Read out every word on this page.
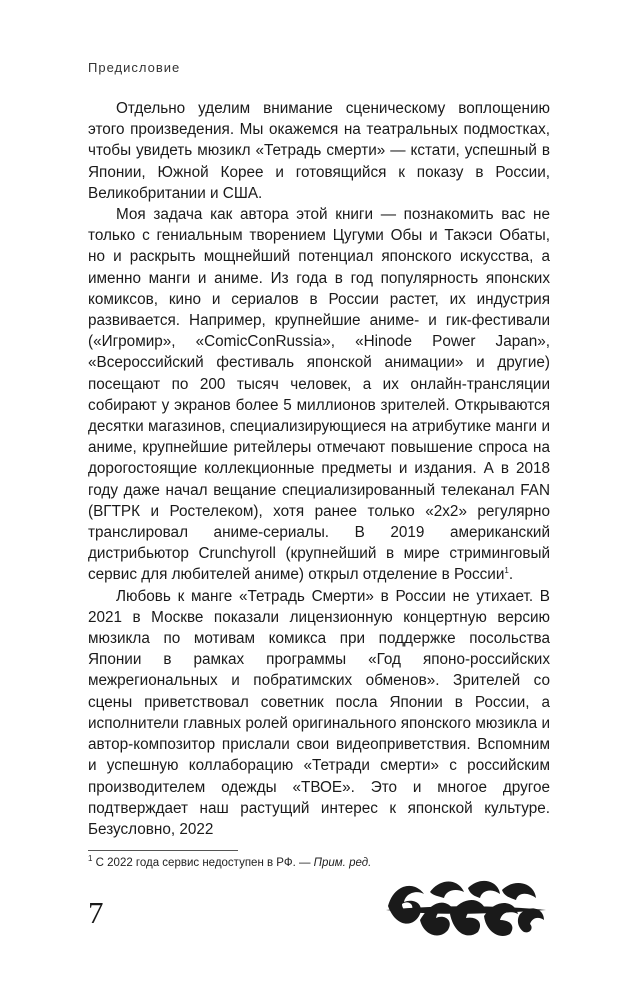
Предисловие

Отдельно уделим внимание сценическому воплощению этого произведения. Мы окажемся на театральных подмостках, чтобы увидеть мюзикл «Тетрадь смерти» — кстати, успешный в Японии, Южной Корее и готовящийся к показу в России, Великобритании и США.

Моя задача как автора этой книги — познакомить вас не только с гениальным творением Цугуми Обы и Такэси Обаты, но и раскрыть мощнейший потенциал японского искусства, а именно манги и аниме. Из года в год популярность японских комиксов, кино и сериалов в России растет, их индустрия развивается. Например, крупнейшие аниме- и гик-фестивали («Игромир», «ComicConRussia», «Hinode Power Japan», «Всероссийский фестиваль японской анимации» и другие) посещают по 200 тысяч человек, а их онлайн-трансляции собирают у экранов более 5 миллионов зрителей. Открываются десятки магазинов, специализирующиеся на атрибутике манги и аниме, крупнейшие ритейлеры отмечают повышение спроса на дорогостоящие коллекционные предметы и издания. А в 2018 году даже начал вещание специализированный телеканал FAN (ВГТРК и Ростелеком), хотя ранее только «2x2» регулярно транслировал аниме-сериалы. В 2019 американский дистрибьютор Crunchyroll (крупнейший в мире стриминговый сервис для любителей аниме) открыл отделение в России$^1$.

Любовь к манге «Тетрадь Смерти» в России не утихает. В 2021 в Москве показали лицензионную концертную версию мюзикла по мотивам комикса при поддержке посольства Японии в рамках программы «Год японо-российских межрегиональных и побратимских обменов». Зрителей со сцены приветствовал советник посла Японии в России, а исполнители главных ролей оригинального японского мюзикла и автор-композитор прислали свои видеоприветствия. Вспомним и успешную коллаборацию «Тетради смерти» с российским производителем одежды «ТВОЕ». Это и многое другое подтверждает наш растущий интерес к японской культуре. Безусловно, 2022

$^1$ С 2022 года сервис недоступен в РФ. — Прим. ред.
7
